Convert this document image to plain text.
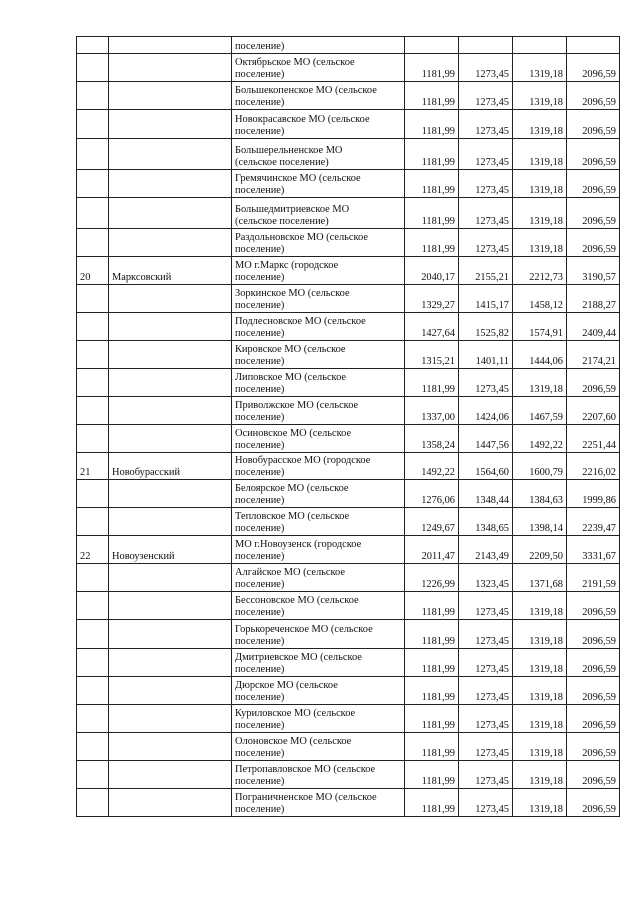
		поселение)				

		Октябрьское МО (сельское
поселение)	1181,99	1273,45	1319,18	2096,59

		Большекопенское МО (сельское
поселение)	1181,99	1273,45	1319,18	2096,59

		Новокрасавское МО (сельское
поселение)	1181,99	1273,45	1319,18	2096,59

		Большерельненское МО
(сельское поселение)	1181,99	1273,45	1319,18	2096,59

		Гремячинское МО (сельское
поселение)	1181,99	1273,45	1319,18	2096,59

		Большедмитриевское МО
(сельское поселение)	1181,99	1273,45	1319,18	2096,59

		Раздольновское МО (сельское
поселение)	1181,99	1273,45	1319,18	2096,59
20	Марксовский	МО г.Маркс (городское
поселение)	2040,17	2155,21	2212,73	3190,57

		Зоркинское МО (сельское
поселение)	1329,27	1415,17	1458,12	2188,27

		Подлесновское МО (сельское
поселение)	1427,64	1525,82	1574,91	2409,44

		Кировское МО (сельское
поселение)	1315,21	1401,11	1444,06	2174,21

		Липовское МО (сельское
поселение)	1181,99	1273,45	1319,18	2096,59

		Приволжское МО (сельское
поселение)	1337,00	1424,06	1467,59	2207,60

		Осиновское МО (сельское
поселение)	1358,24	1447,56	1492,22	2251,44
21	Новобурасский	Новобурасское МО (городское
поселение)	1492,22	1564,60	1600,79	2216,02

		Белоярское МО (сельское
поселение)	1276,06	1348,44	1384,63	1999,86

		Тепловское МО (сельское
поселение)	1249,67	1348,65	1398,14	2239,47
22	Новоузенский	МО г.Новоузенск (городское
поселение)	2011,47	2143,49	2209,50	3331,67

		Алгайское МО (сельское
поселение)	1226,99	1323,45	1371,68	2191,59

		Бессоновское МО (сельское
поселение)	1181,99	1273,45	1319,18	2096,59

		Горькореченское МО (сельское
поселение)	1181,99	1273,45	1319,18	2096,59

		Дмитриевское МО (сельское
поселение)	1181,99	1273,45	1319,18	2096,59

		Дюрское МО (сельское
поселение)	1181,99	1273,45	1319,18	2096,59

		Куриловское МО (сельское
поселение)	1181,99	1273,45	1319,18	2096,59

		Олоновское МО (сельское
поселение)	1181,99	1273,45	1319,18	2096,59

		Петропавловское МО (сельское
поселение)	1181,99	1273,45	1319,18	2096,59

		Пограничненское МО (сельское
поселение)	1181,99	1273,45	1319,18	2096,59
